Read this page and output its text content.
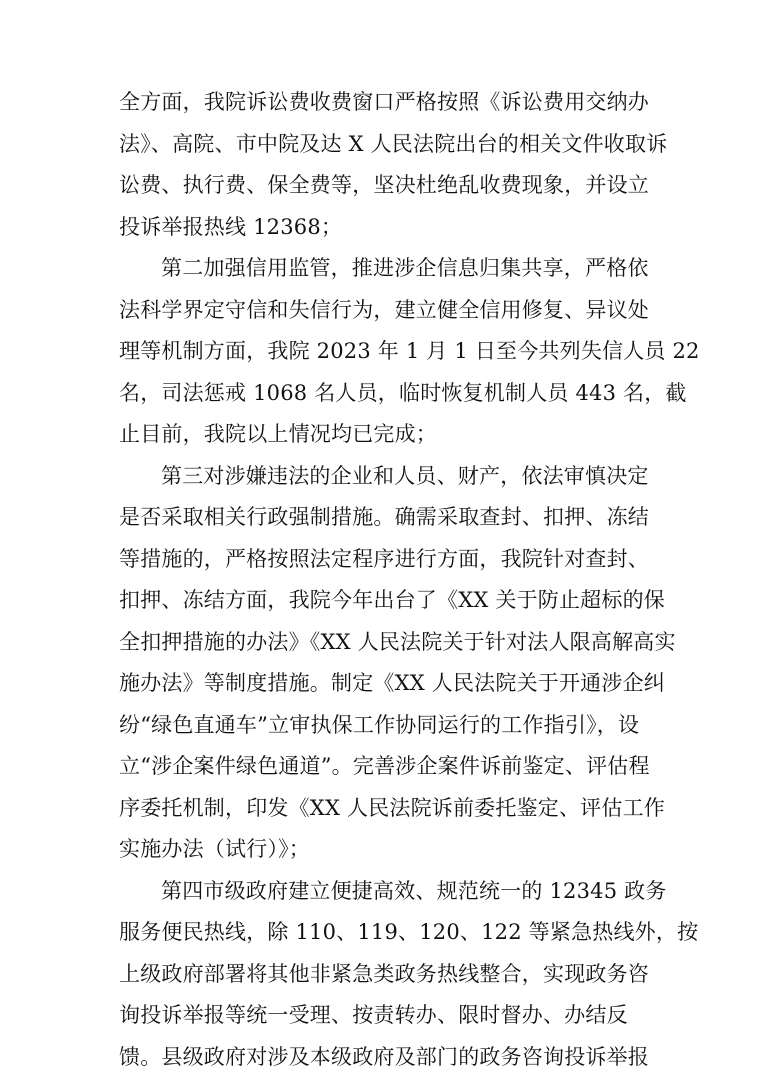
全方面，我院诉讼费收费窗口严格按照《诉讼费用交纳办
法》、高院、市中院及达 X 人民法院出台的相关文件收取诉
讼费、执行费、保全费等，坚决杜绝乱收费现象，并设立
投诉举报热线 12368；
第二加强信用监管，推进涉企信息归集共享，严格依
法科学界定守信和失信行为，建立健全信用修复、异议处
理等机制方面，我院 2023 年 1 月 1 日至今共列失信人员 22
名，司法惩戒 1068 名人员，临时恢复机制人员 443 名，截
止目前，我院以上情况均已完成；
第三对涉嫌违法的企业和人员、财产，依法审慎决定
是否采取相关行政强制措施。确需采取查封、扣押、冻结
等措施的，严格按照法定程序进行方面，我院针对查封、
扣押、冻结方面，我院今年出台了《XX 关于防止超标的保
全扣押措施的办法》《XX 人民法院关于针对法人限高解高实
施办法》等制度措施。制定《XX 人民法院关于开通涉企纠
纷“绿色直通车”立审执保工作协同运行的工作指引》，设
立“涉企案件绿色通道”。完善涉企案件诉前鉴定、评估程
序委托机制，印发《XX 人民法院诉前委托鉴定、评估工作
实施办法（试行）》；
第四市级政府建立便捷高效、规范统一的 12345 政务
服务便民热线，除 110、119、120、122 等紧急热线外，按
上级政府部署将其他非紧急类政务热线整合，实现政务咨
询投诉举报等统一受理、按责转办、限时督办、办结反
馈。县级政府对涉及本级政府及部门的政务咨询投诉举报
